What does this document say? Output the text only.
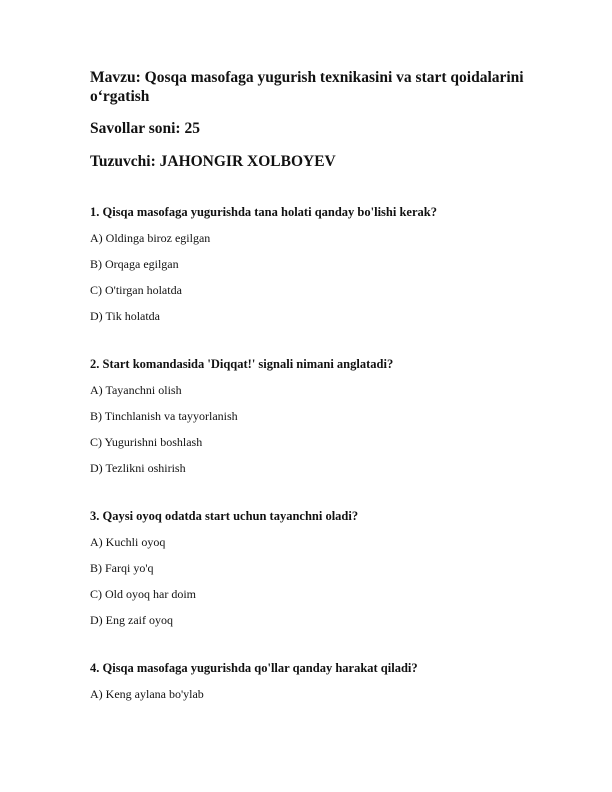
Mavzu: Qosqa masofaga yugurish texnikasini va start qoidalarini o‘rgatish

Savollar soni: 25

Tuzuvchi: JAHONGIR XOLBOYEV

1. Qisqa masofaga yugurishda tana holati qanday bo'lishi kerak?

A) Oldinga biroz egilgan

B) Orqaga egilgan

C) O'tirgan holatda

D) Tik holatda

2. Start komandasida 'Diqqat!' signali nimani anglatadi?

A) Tayanchni olish

B) Tinchlanish va tayyorlanish

C) Yugurishni boshlash

D) Tezlikni oshirish

3. Qaysi oyoq odatda start uchun tayanchni oladi?

A) Kuchli oyoq

B) Farqi yo'q

C) Old oyoq har doim

D) Eng zaif oyoq

4. Qisqa masofaga yugurishda qo'llar qanday harakat qiladi?

A) Keng aylana bo'ylab
